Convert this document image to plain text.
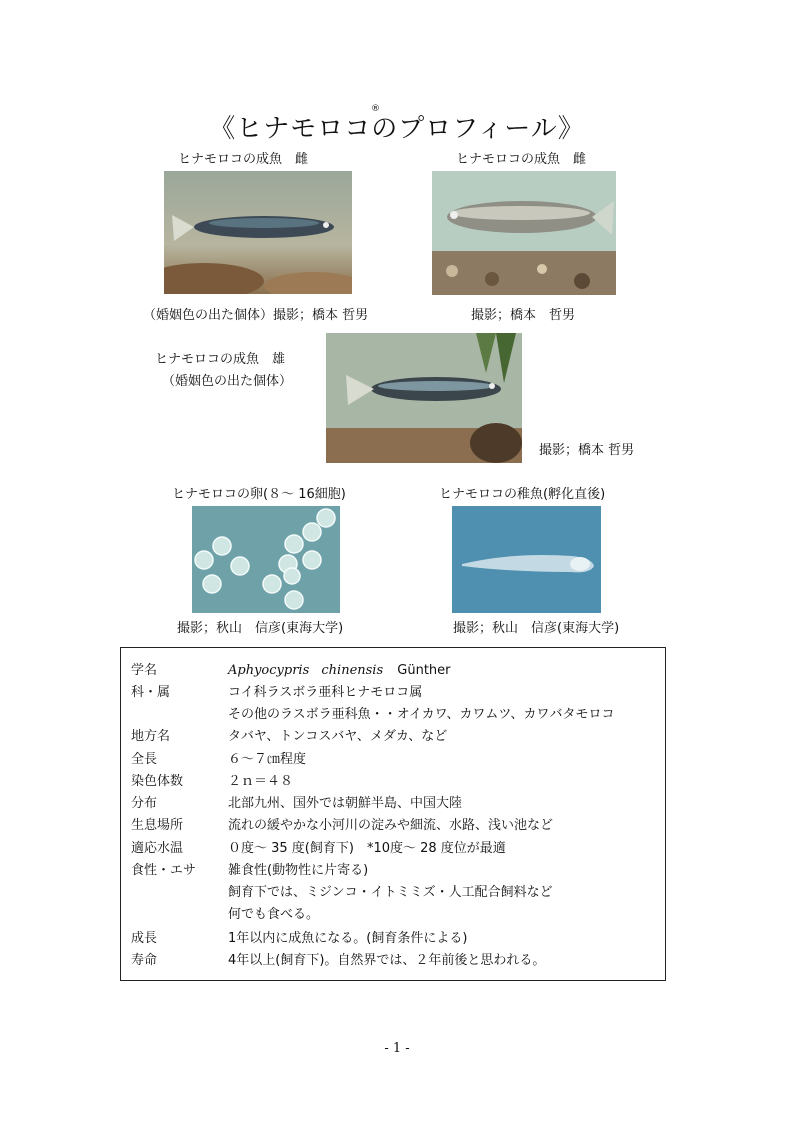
《ヒナモロコのプロフィール》
®
ヒナモロコの成魚　雌
（婚姻色の出た個体）撮影；橋本 哲男
ヒナモロコの成魚　雌
撮影；橋本　哲男
ヒナモロコの成魚　雄
（婚姻色の出た個体）
撮影；橋本 哲男
ヒナモロコの卵(８～ 16細胞)
撮影；秋山　信彦(東海大学)
ヒナモロコの稚魚(孵化直後)
撮影；秋山　信彦(東海大学)
学名	Aphyocypris chinensis Günther
科・属	コイ科ラスボラ亜科ヒナモロコ属
その他のラスボラ亜科魚・・オイカワ、カワムツ、カワバタモロコ
地方名	タバヤ、トンコスバヤ、メダカ、など
全長	６～７㎝程度
染色体数	２ｎ＝４８
分布	北部九州、国外では朝鮮半島、中国大陸
生息場所	流れの緩やかな小河川の淀みや細流、水路、浅い池など
適応水温	０度～ 35 度(飼育下)　*10度～ 28 度位が最適
食性・エサ 雑食性(動物性に片寄る)
飼育下では、ミジンコ・イトミミズ・人工配合飼料など
何でも食べる。
成長	1年以内に成魚になる。(飼育条件による)
寿命	4年以上(飼育下)。自然界では、２年前後と思われる。
- 1 -
